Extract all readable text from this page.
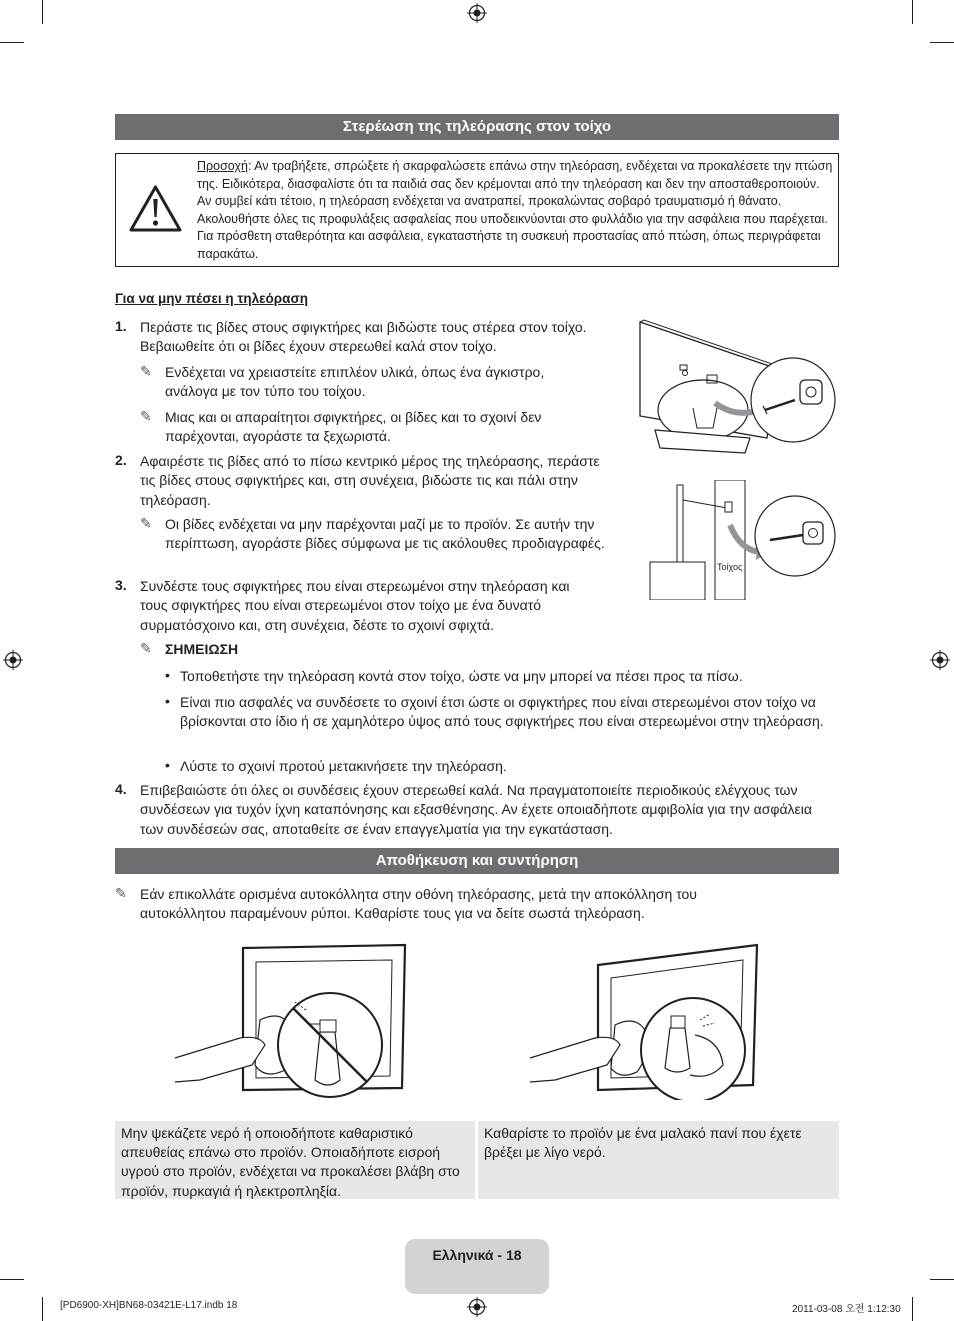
Στερέωση της τηλεόρασης στον τοίχο
Προσοχή: Αν τραβήξετε, σπρώξετε ή σκαρφαλώσετε επάνω στην τηλεόραση, ενδέχεται να προκαλέσετε την πτώση της. Ειδικότερα, διασφαλίστε ότι τα παιδιά σας δεν κρέμονται από την τηλεόραση και δεν την αποσταθεροποιούν. Αν συμβεί κάτι τέτοιο, η τηλεόραση ενδέχεται να ανατραπεί, προκαλώντας σοβαρό τραυματισμό ή θάνατο. Ακολουθήστε όλες τις προφυλάξεις ασφαλείας που υποδεικνύονται στο φυλλάδιο για την ασφάλεια που παρέχεται. Για πρόσθετη σταθερότητα και ασφάλεια, εγκαταστήστε τη συσκευή προστασίας από πτώση, όπως περιγράφεται παρακάτω.
Για να μην πέσει η τηλεόραση
1. Περάστε τις βίδες στους σφιγκτήρες και βιδώστε τους στέρεα στον τοίχο. Βεβαιωθείτε ότι οι βίδες έχουν στερεωθεί καλά στον τοίχο.
✎ Ενδέχεται να χρειαστείτε επιπλέον υλικά, όπως ένα άγκιστρο, ανάλογα με τον τύπο του τοίχου.
✎ Μιας και οι απαραίτητοι σφιγκτήρες, οι βίδες και το σχοινί δεν παρέχονται, αγοράστε τα ξεχωριστά.
2. Αφαιρέστε τις βίδες από το πίσω κεντρικό μέρος της τηλεόρασης, περάστε τις βίδες στους σφιγκτήρες και, στη συνέχεια, βιδώστε τις και πάλι στην τηλεόραση.
✎ Οι βίδες ενδέχεται να μην παρέχονται μαζί με το προϊόν. Σε αυτήν την περίπτωση, αγοράστε βίδες σύμφωνα με τις ακόλουθες προδιαγραφές.
3. Συνδέστε τους σφιγκτήρες που είναι στερεωμένοι στην τηλεόραση και τους σφιγκτήρες που είναι στερεωμένοι στον τοίχο με ένα δυνατό συρματόσχοινο και, στη συνέχεια, δέστε το σχοινί σφιχτά.
✎ ΣΗΜΕΙΩΣΗ
• Τοποθετήστε την τηλεόραση κοντά στον τοίχο, ώστε να μην μπορεί να πέσει προς τα πίσω.
• Είναι πιο ασφαλές να συνδέσετε το σχοινί έτσι ώστε οι σφιγκτήρες που είναι στερεωμένοι στον τοίχο να βρίσκονται στο ίδιο ή σε χαμηλότερο ύψος από τους σφιγκτήρες που είναι στερεωμένοι στην τηλεόραση.
• Λύστε το σχοινί προτού μετακινήσετε την τηλεόραση.
4. Επιβεβαιώστε ότι όλες οι συνδέσεις έχουν στερεωθεί καλά. Να πραγματοποιείτε περιοδικούς ελέγχους των συνδέσεων για τυχόν ίχνη καταπόνησης και εξασθένησης. Αν έχετε οποιαδήποτε αμφιβολία για την ασφάλεια των συνδέσεών σας, αποταθείτε σε έναν επαγγελματία για την εγκατάσταση.
Τοίχος
Αποθήκευση και συντήρηση
✎ Εάν επικολλάτε ορισμένα αυτοκόλλητα στην οθόνη τηλεόρασης, μετά την αποκόλληση του αυτοκόλλητου παραμένουν ρύποι. Καθαρίστε τους για να δείτε σωστά τηλεόραση.
Μην ψεκάζετε νερό ή οποιοδήποτε καθαριστικό απευθείας επάνω στο προϊόν. Οποιαδήποτε εισροή υγρού στο προϊόν, ενδέχεται να προκαλέσει βλάβη στο προϊόν, πυρκαγιά ή ηλεκτροπληξία.
Καθαρίστε το προϊόν με ένα μαλακό πανί που έχετε βρέξει με λίγο νερό.
Ελληνικά - 18
[PD6900-XH]BN68-03421E-L17.indb 18	2011-03-08 오전 1:12:30
